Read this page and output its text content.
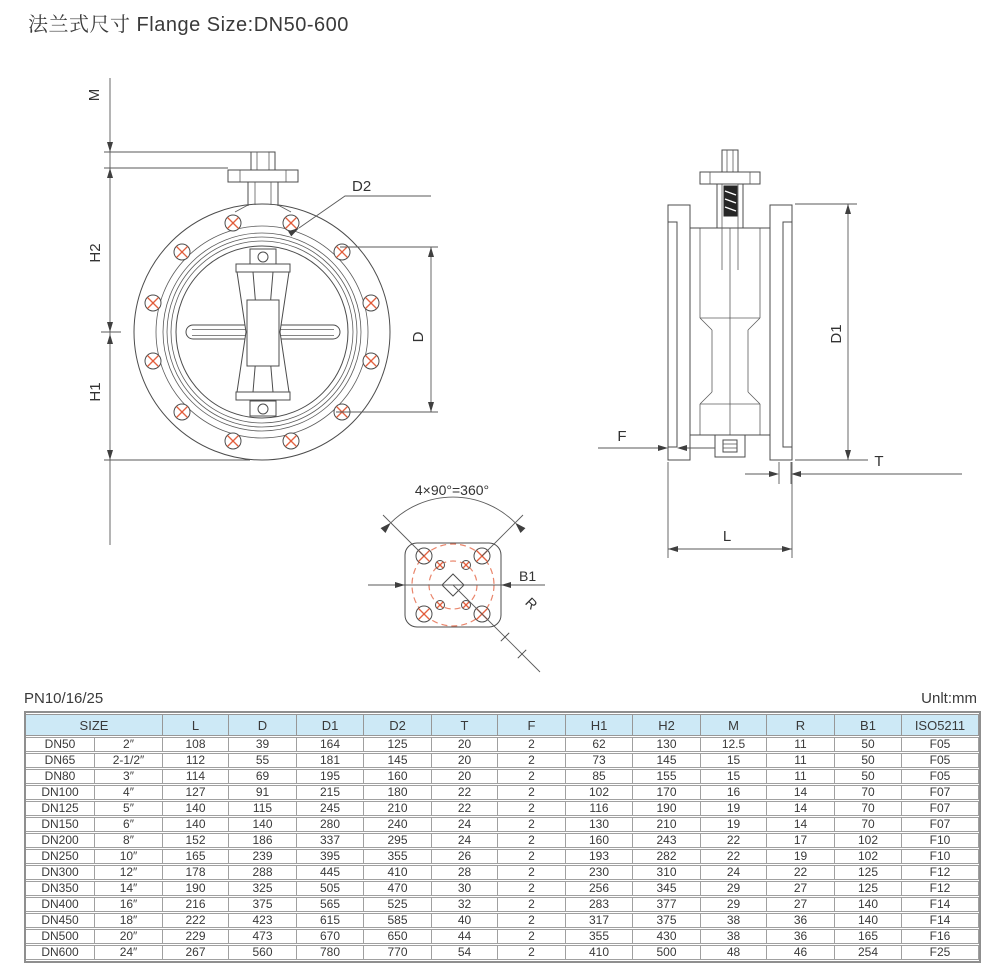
法兰式尺寸 Flange Size:DN50-600
M
H2
H1
D
D2
D1
F
T
L
4×90°=360°
B1
R
PN10/16/25	Unlt:mm
SIZE		L	D	D1	D2	T	F	H1	H2	M	R	B1	ISO5211
DN50	2″	108	39	164	125	20	2	62	130	12.5	11	50	F05
DN65	2-1/2″	112	55	181	145	20	2	73	145	15	11	50	F05
DN80	3″	114	69	195	160	20	2	85	155	15	11	50	F05
DN100	4″	127	91	215	180	22	2	102	170	16	14	70	F07
DN125	5″	140	115	245	210	22	2	116	190	19	14	70	F07
DN150	6″	140	140	280	240	24	2	130	210	19	14	70	F07
DN200	8″	152	186	337	295	24	2	160	243	22	17	102	F10
DN250	10″	165	239	395	355	26	2	193	282	22	19	102	F10
DN300	12″	178	288	445	410	28	2	230	310	24	22	125	F12
DN350	14″	190	325	505	470	30	2	256	345	29	27	125	F12
DN400	16″	216	375	565	525	32	2	283	377	29	27	140	F14
DN450	18″	222	423	615	585	40	2	317	375	38	36	140	F14
DN500	20″	229	473	670	650	44	2	355	430	38	36	165	F16
DN600	24″	267	560	780	770	54	2	410	500	48	46	254	F25
